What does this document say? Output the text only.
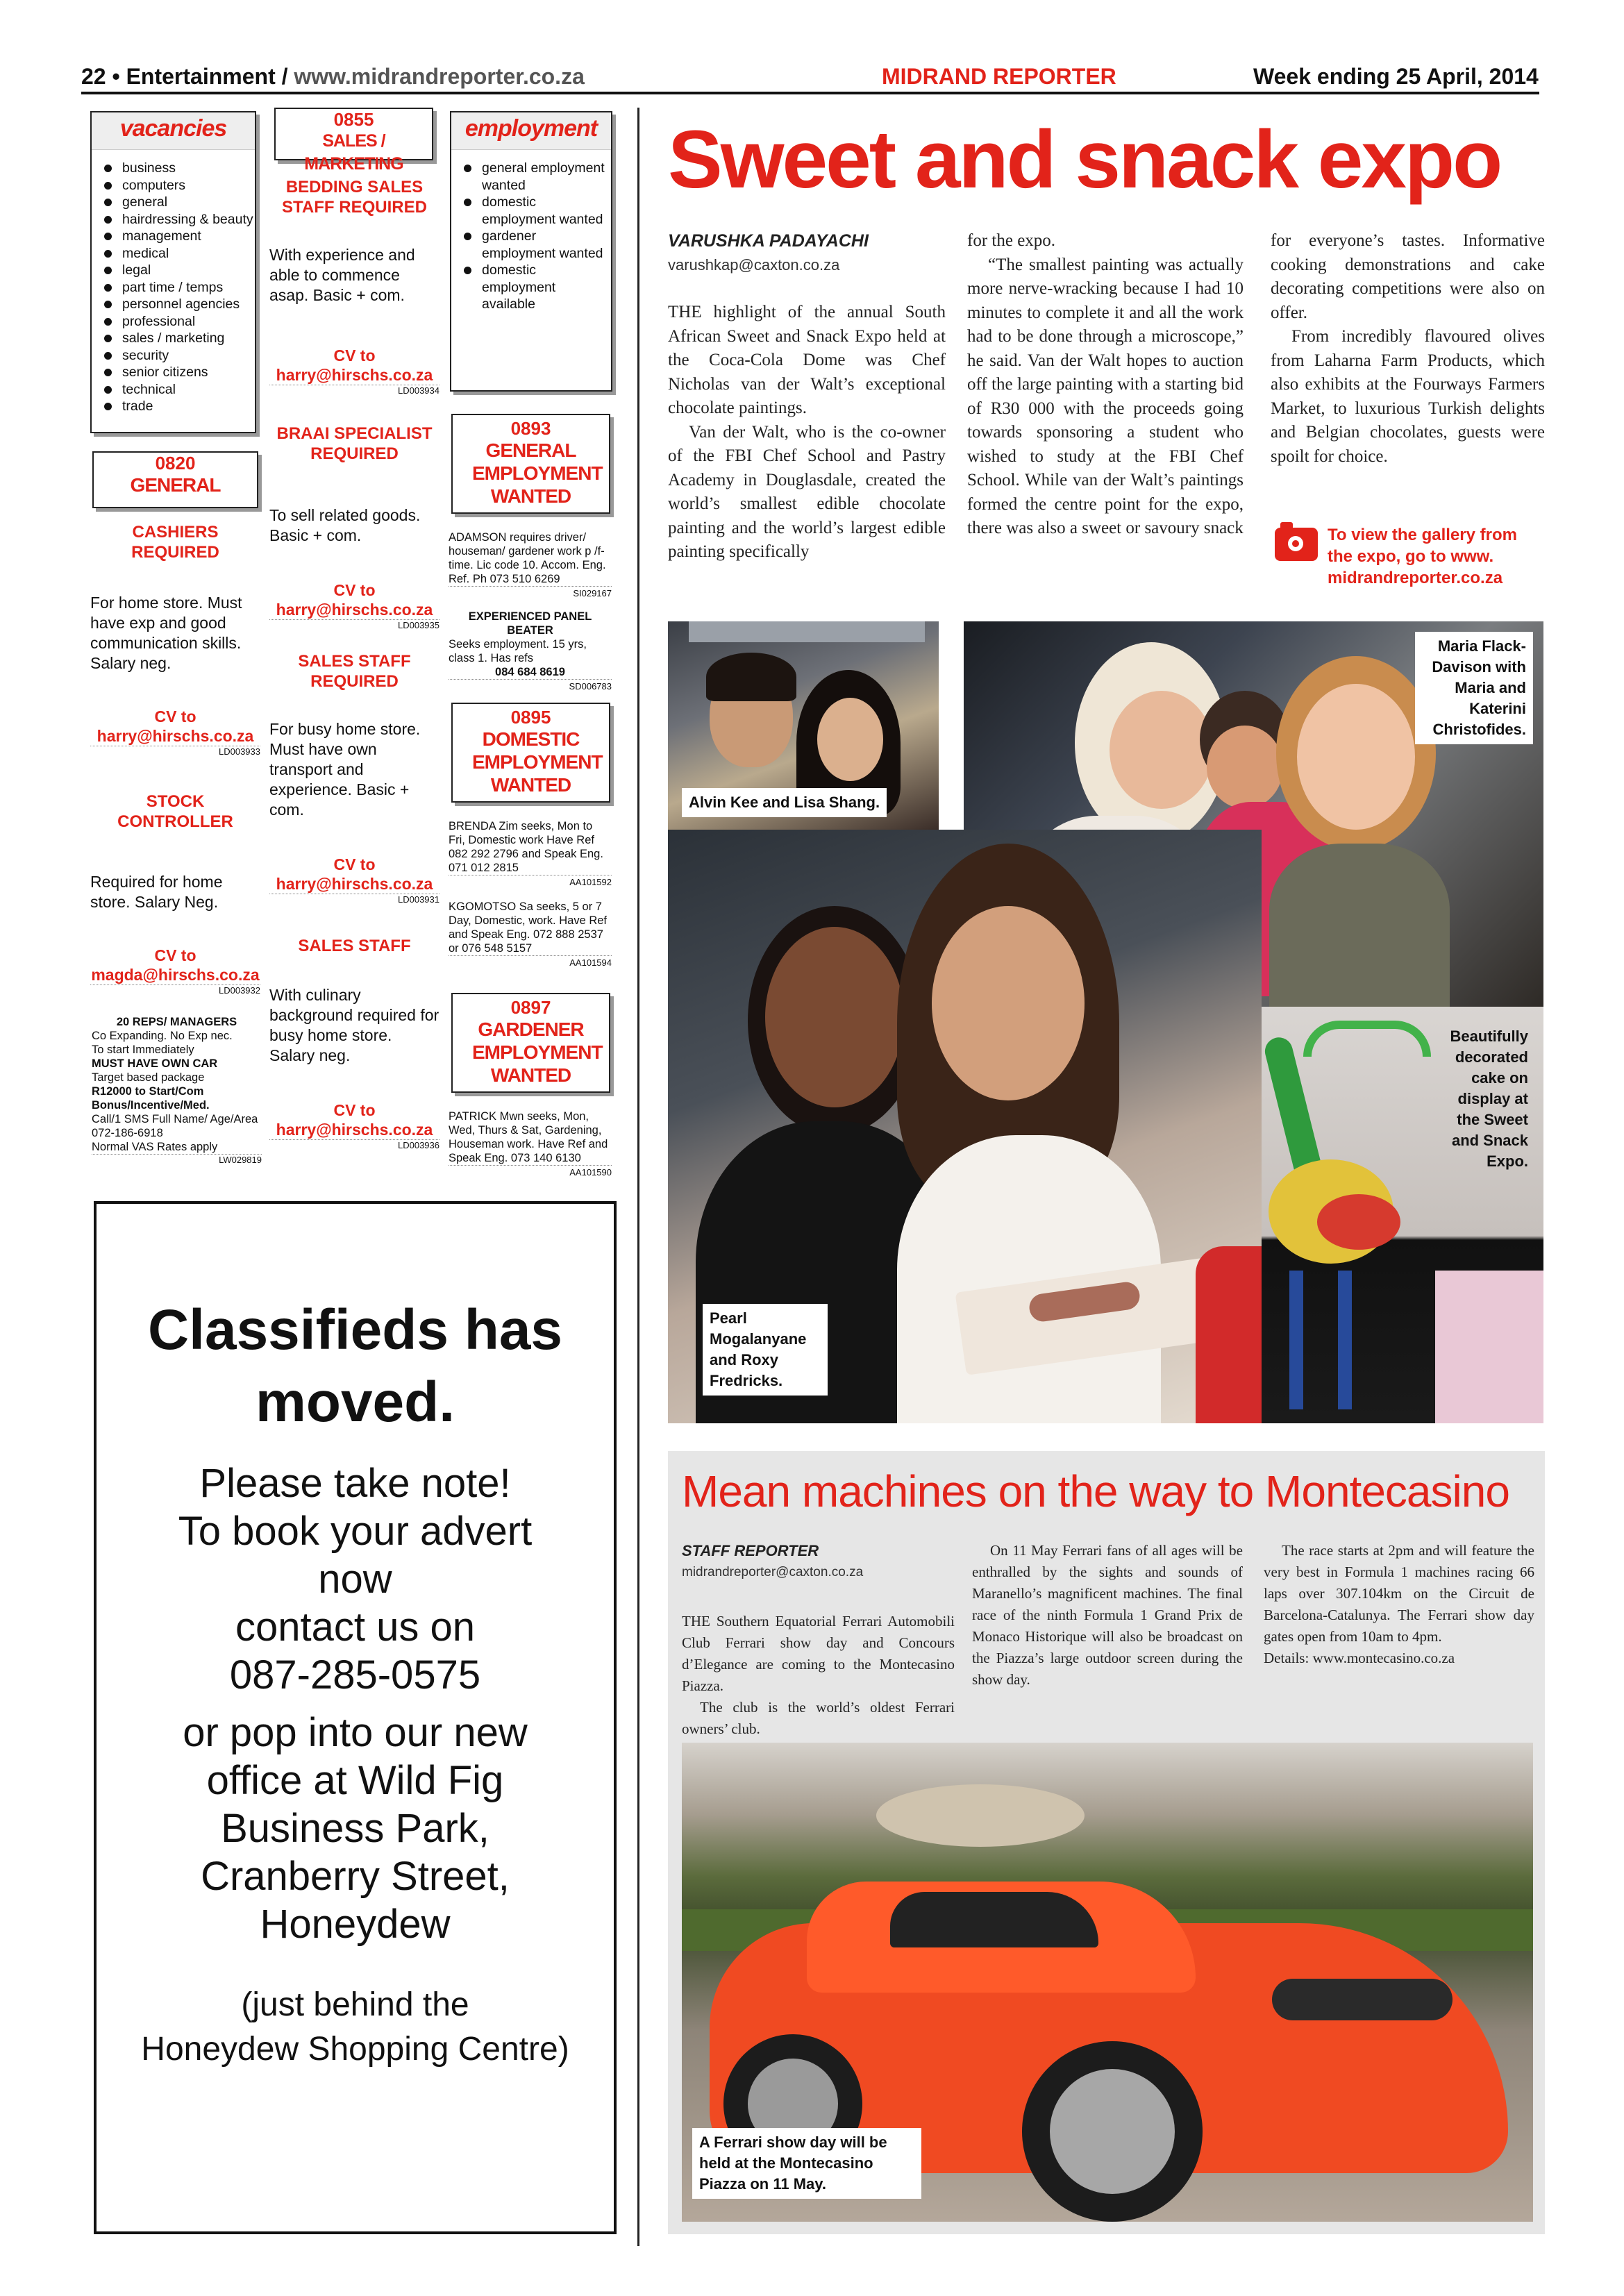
22 • Entertainment / www.midrandreporter.co.za	MIDRAND REPORTER	Week ending 25 April, 2014
vacancies
business
computers
general
hairdressing & beauty
management
medical
legal
part time / temps
personnel agencies
professional
sales / marketing
security
senior citizens
technical
trade
0820
GENERAL
CASHIERS REQUIRED
For home store. Must have exp and good communication skills. Salary neg.
CV to
harry@hirschs.co.za
LD003933
STOCK CONTROLLER
Required for home store. Salary Neg.
CV to
magda@hirschs.co.za
LD003932
20 REPS/ MANAGERS
Co Expanding. No Exp nec.
To start Immediately
MUST HAVE OWN CAR
Target based package
R12000 to Start/Com Bonus/Incentive/Med.
Call/1 SMS Full Name/ Age/Area 072-186-6918
Normal VAS Rates apply
LW029819
0855
SALES / MARKETING
BEDDING SALES STAFF REQUIRED
With experience and able to commence asap. Basic + com.
CV to
harry@hirschs.co.za
LD003934
BRAAI SPECIALIST REQUIRED
To sell related goods. Basic + com.
CV to
harry@hirschs.co.za
LD003935
SALES STAFF REQUIRED
For busy home store. Must have own transport and experience. Basic + com.
CV to
harry@hirschs.co.za
LD003931
SALES STAFF
With culinary background required for busy home store. Salary neg.
CV to
harry@hirschs.co.za
LD003936
employment
general employment wanted
domestic employment wanted
gardener employment wanted
domestic employment available
0893
GENERAL EMPLOYMENT WANTED
ADAMSON requires driver/ houseman/ gardener work p /f-time. Lic code 10. Accom. Eng. Ref. Ph 073 510 6269
SI029167
EXPERIENCED PANEL BEATER
Seeks employment. 15 yrs, class 1. Has refs
084 684 8619
SD006783
0895
DOMESTIC EMPLOYMENT WANTED
BRENDA Zim seeks, Mon to Fri, Domestic work Have Ref 082 292 2796 and Speak Eng. 071 012 2815
AA101592
KGOMOTSO Sa seeks, 5 or 7 Day, Domestic, work. Have Ref and Speak Eng. 072 888 2537 or 076 548 5157
AA101594
0897
GARDENER EMPLOYMENT WANTED
PATRICK Mwn seeks, Mon, Wed, Thurs & Sat, Gardening, Houseman work. Have Ref and Speak Eng. 073 140 6130
AA101590
Classifieds has
moved.
Please take note!
To book your advert
now
contact us on
087-285-0575
or pop into our new
office at Wild Fig
Business Park,
Cranberry Street,
Honeydew
(just behind the
Honeydew Shopping Centre)
Sweet and snack expo
VARUSHKA PADAYACHI
varushkap@caxton.co.za

THE highlight of the annual South African Sweet and Snack Expo held at the Coca-Cola Dome was Chef Nicholas van der Walt’s exceptional chocolate paintings.

Van der Walt, who is the co-owner of the FBI Chef School and Pastry Academy in Douglasdale, created the world’s smallest edible chocolate painting and the world’s largest edible painting specifically

for the expo.

“The smallest painting was actually more nerve-wracking because I had 10 minutes to complete it and all the work had to be done through a microscope,” he said. Van der Walt hopes to auction off the large painting with a starting bid of R30 000 with the proceeds going towards sponsoring a student who wished to study at the FBI Chef School. While van der Walt’s paintings formed the centre point for the expo, there was also a sweet or savoury snack

for everyone’s tastes. Informative cooking demonstrations and cake decorating competitions were also on offer.

From incredibly flavoured olives from Laharna Farm Products, which also exhibits at the Fourways Farmers Market, to luxurious Turkish delights and Belgian chocolates, guests were spoilt for choice.

To view the gallery from the expo, go to www. midrandreporter.co.za
Alvin Kee and Lisa Shang.
Maria Flack-Davison with Maria and Katerini Christofides.
Pearl Mogalanyane and Roxy Fredricks.
Beautifully decorated cake on display at the Sweet and Snack Expo.
Mean machines on the way to Montecasino
STAFF REPORTER
midrandreporter@caxton.co.za

THE Southern Equatorial Ferrari Automobili Club Ferrari show day and Concours d’Elegance are coming to the Montecasino Piazza.

The club is the world’s oldest Ferrari owners’ club.

On 11 May Ferrari fans of all ages will be enthralled by the sights and sounds of Maranello’s magnificent machines. The final race of the ninth Formula 1 Grand Prix de Monaco Historique will also be broadcast on the Piazza’s large outdoor screen during the show day.

The race starts at 2pm and will feature the very best in Formula 1 machines racing 66 laps over 307.104km on the Circuit de Barcelona-Catalunya. The Ferrari show day gates open from 10am to 4pm.

Details: www.montecasino.co.za

A Ferrari show day will be held at the Montecasino Piazza on 11 May.
